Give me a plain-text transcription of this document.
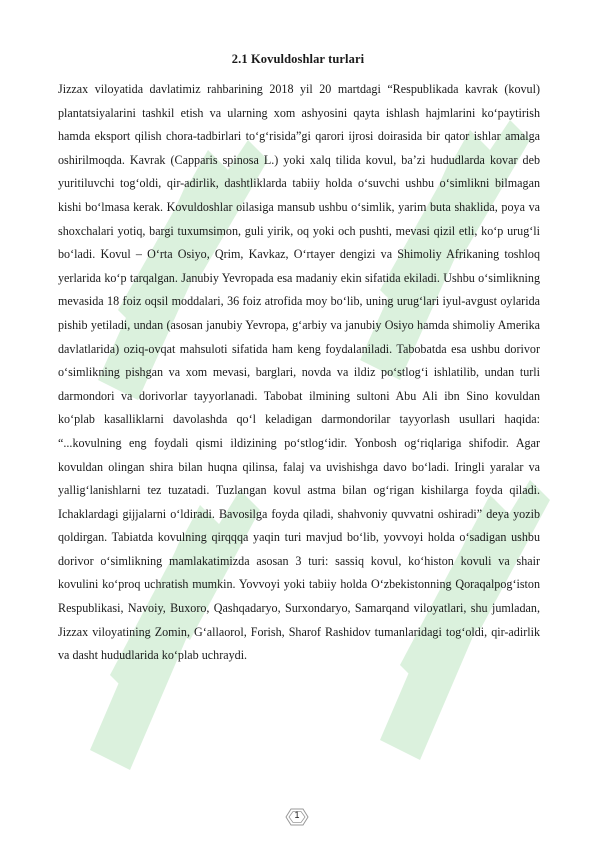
2.1 Kovuldoshlar turlari

Jizzax viloyatida davlatimiz rahbarining 2018 yil 20 martdagi “Respublikada kavrak (kovul) plantatsiyalarini tashkil etish va ularning xom ashyosini qayta ishlash hajmlarini ko‘paytirish hamda eksport qilish chora-tadbirlari to‘g‘risida”gi qarori ijrosi doirasida bir qator ishlar amalga oshirilmoqda. Kavrak (Capparis spinosa L.) yoki xalq tilida kovul, ba’zi hududlarda kovar deb yuritiluvchi tog‘oldi, qir-adirlik, dashtliklarda tabiiy holda o‘suvchi ushbu o‘simlikni bilmagan kishi bo‘lmasa kerak. Kovuldoshlar oilasiga mansub ushbu o‘simlik, yarim buta shaklida, poya va shoxchalari yotiq, bargi tuxumsimon, guli yirik, oq yoki och pushti, mevasi qizil etli, ko‘p urug‘li bo‘ladi. Kovul – O‘rta Osiyo, Qrim, Kavkaz, O‘rtayer dengizi va Shimoliy Afrikaning toshloq yerlarida ko‘p tarqalgan. Janubiy Yevropada esa madaniy ekin sifatida ekiladi. Ushbu o‘simlikning mevasida 18 foiz oqsil moddalari, 36 foiz atrofida moy bo‘lib, uning urug‘lari iyul-avgust oylarida pishib yetiladi, undan (asosan janubiy Yevropa, g‘arbiy va janubiy Osiyo hamda shimoliy Amerika davlatlarida) oziq-ovqat mahsuloti sifatida ham keng foydalaniladi. Tabobatda esa ushbu dorivor o‘simlikning pishgan va xom mevasi, barglari, novda va ildiz po‘stlog‘i ishlatilib, undan turli darmondori va dorivorlar tayyorlanadi. Tabobat ilmining sultoni Abu Ali ibn Sino kovuldan ko‘plab kasalliklarni davolashda qo‘l keladigan darmondorilar tayyorlash usullari haqida: “...kovulning eng foydali qismi ildizining po‘stlog‘idir. Yonbosh og‘riqlariga shifodir. Agar kovuldan olingan shira bilan huqna qilinsa, falaj va uvishishga davo bo‘ladi. Iringli yaralar va yallig‘lanishlarni tez tuzatadi. Tuzlangan kovul astma bilan og‘rigan kishilarga foyda qiladi. Ichaklardagi gijjalarni o‘ldiradi. Bavosilga foyda qiladi, shahvoniy quvvatni oshiradi” deya yozib qoldirgan. Tabiatda kovulning qirqqqa yaqin turi mavjud bo‘lib, yovvoyi holda o‘sadigan ushbu dorivor o‘simlikning mamlakatimizda asosan 3 turi: sassiq kovul, ko‘histon kovuli va shair kovulini ko‘proq uchratish mumkin. Yovvoyi yoki tabiiy holda O‘zbekistonning Qoraqalpog‘iston Respublikasi, Navoiy, Buxoro, Qashqadaryo, Surxondaryo, Samarqand viloyatlari, shu jumladan, Jizzax viloyatining Zomin, G‘allaorol, Forish, Sharof Rashidov tumanlaridagi tog‘oldi, qir-adirlik va dasht hududlarida ko‘plab uchraydi.

1
